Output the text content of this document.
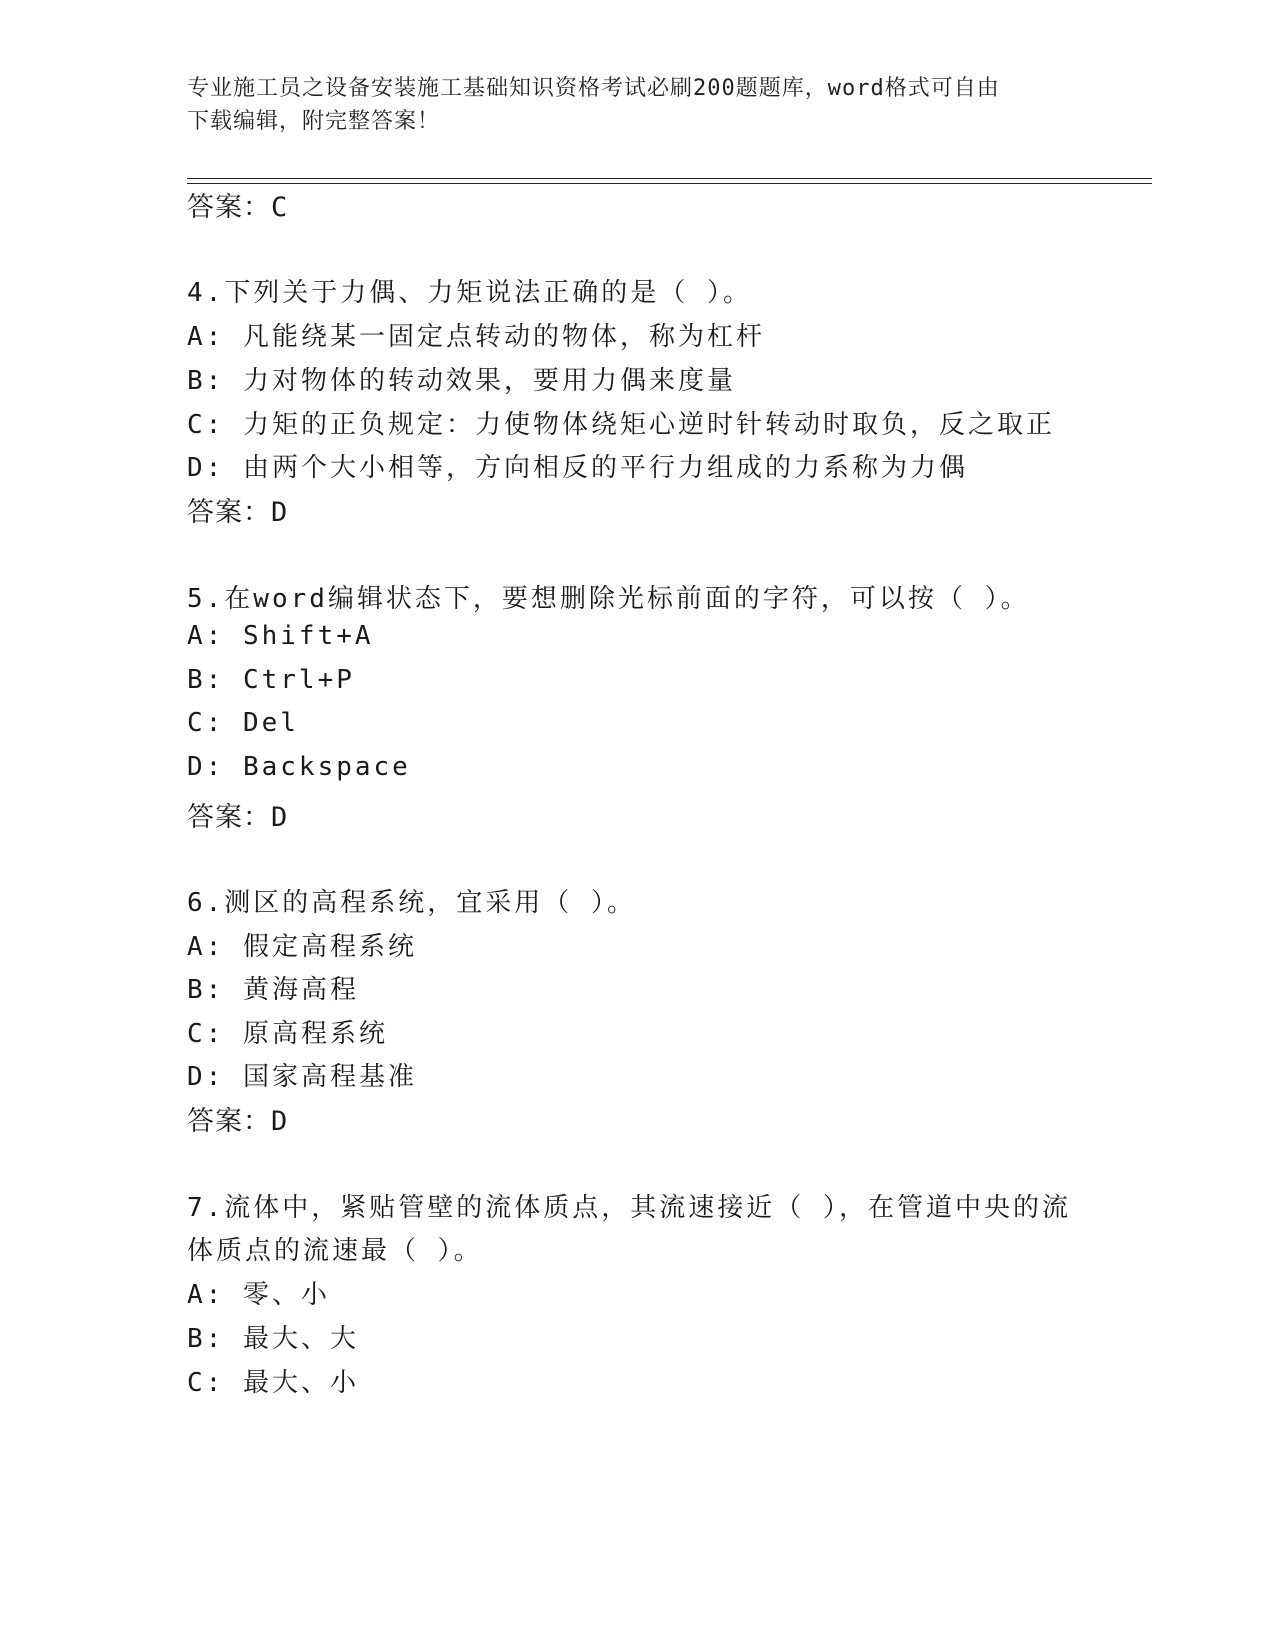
专业施工员之设备安装施工基础知识资格考试必刷200题题库，word格式可自由
下载编辑，附完整答案！
答案：C
4.下列关于力偶、力矩说法正确的是（ ）。
A: 凡能绕某一固定点转动的物体，称为杠杆
B: 力对物体的转动效果，要用力偶来度量
C: 力矩的正负规定：力使物体绕矩心逆时针转动时取负，反之取正
D: 由两个大小相等，方向相反的平行力组成的力系称为力偶
答案：D
5.在word编辑状态下，要想删除光标前面的字符，可以按（ ）。
A: Shift+A
B: Ctrl+P
C: Del
D: Backspace
答案：D
6.测区的高程系统，宜采用（ ）。
A: 假定高程系统
B: 黄海高程
C: 原高程系统
D: 国家高程基准
答案：D
7.流体中，紧贴管壁的流体质点，其流速接近（ ），在管道中央的流
体质点的流速最（ ）。
A: 零、小
B: 最大、大
C: 最大、小
